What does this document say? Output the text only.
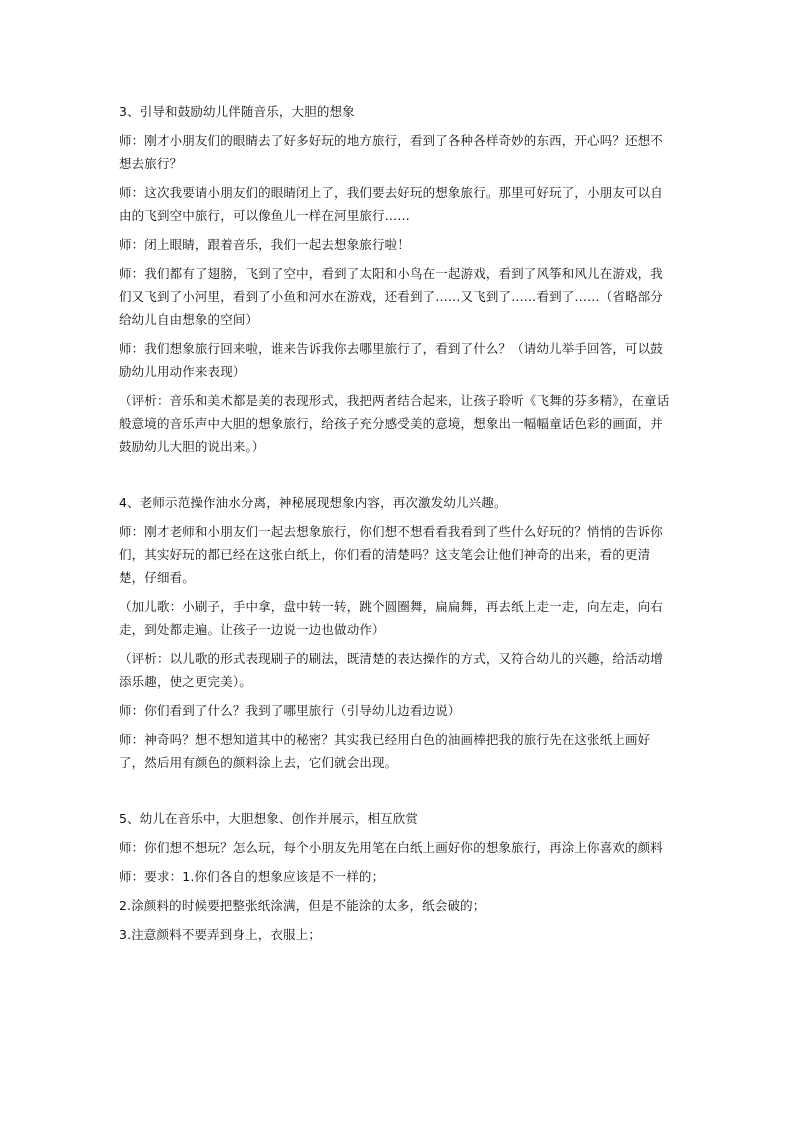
3、引导和鼓励幼儿伴随音乐，大胆的想象

师：刚才小朋友们的眼睛去了好多好玩的地方旅行，看到了各种各样奇妙的东西，开心吗？还想不想去旅行？

师：这次我要请小朋友们的眼睛闭上了，我们要去好玩的想象旅行。那里可好玩了，小朋友可以自由的飞到空中旅行，可以像鱼儿一样在河里旅行……

师：闭上眼睛，跟着音乐，我们一起去想象旅行啦！

师：我们都有了翅膀，飞到了空中，看到了太阳和小鸟在一起游戏，看到了风筝和风儿在游戏，我们又飞到了小河里，看到了小鱼和河水在游戏，还看到了……又飞到了……看到了……（省略部分给幼儿自由想象的空间）

师：我们想象旅行回来啦，谁来告诉我你去哪里旅行了，看到了什么？（请幼儿举手回答，可以鼓励幼儿用动作来表现）

（评析：音乐和美术都是美的表现形式，我把两者结合起来，让孩子聆听《飞舞的芬多精》，在童话般意境的音乐声中大胆的想象旅行，给孩子充分感受美的意境，想象出一幅幅童话色彩的画面，并鼓励幼儿大胆的说出来。）

4、老师示范操作油水分离，神秘展现想象内容，再次激发幼儿兴趣。

师：刚才老师和小朋友们一起去想象旅行，你们想不想看看我看到了些什么好玩的？悄悄的告诉你们，其实好玩的都已经在这张白纸上，你们看的清楚吗？这支笔会让他们神奇的出来，看的更清楚，仔细看。

（加儿歌：小刷子，手中拿，盘中转一转，跳个圆圈舞，扁扁舞，再去纸上走一走，向左走，向右走，到处都走遍。让孩子一边说一边也做动作）

（评析：以儿歌的形式表现刷子的刷法，既清楚的表达操作的方式，又符合幼儿的兴趣，给活动增添乐趣，使之更完美）。

师：你们看到了什么？我到了哪里旅行（引导幼儿边看边说）

师：神奇吗？想不想知道其中的秘密？其实我已经用白色的油画棒把我的旅行先在这张纸上画好了，然后用有颜色的颜料涂上去，它们就会出现。

5、幼儿在音乐中，大胆想象、创作并展示，相互欣赏

师：你们想不想玩？怎么玩，每个小朋友先用笔在白纸上画好你的想象旅行，再涂上你喜欢的颜料

师：要求：1.你们各自的想象应该是不一样的；

2.涂颜料的时候要把整张纸涂满，但是不能涂的太多，纸会破的；

3.注意颜料不要弄到身上，衣服上；
